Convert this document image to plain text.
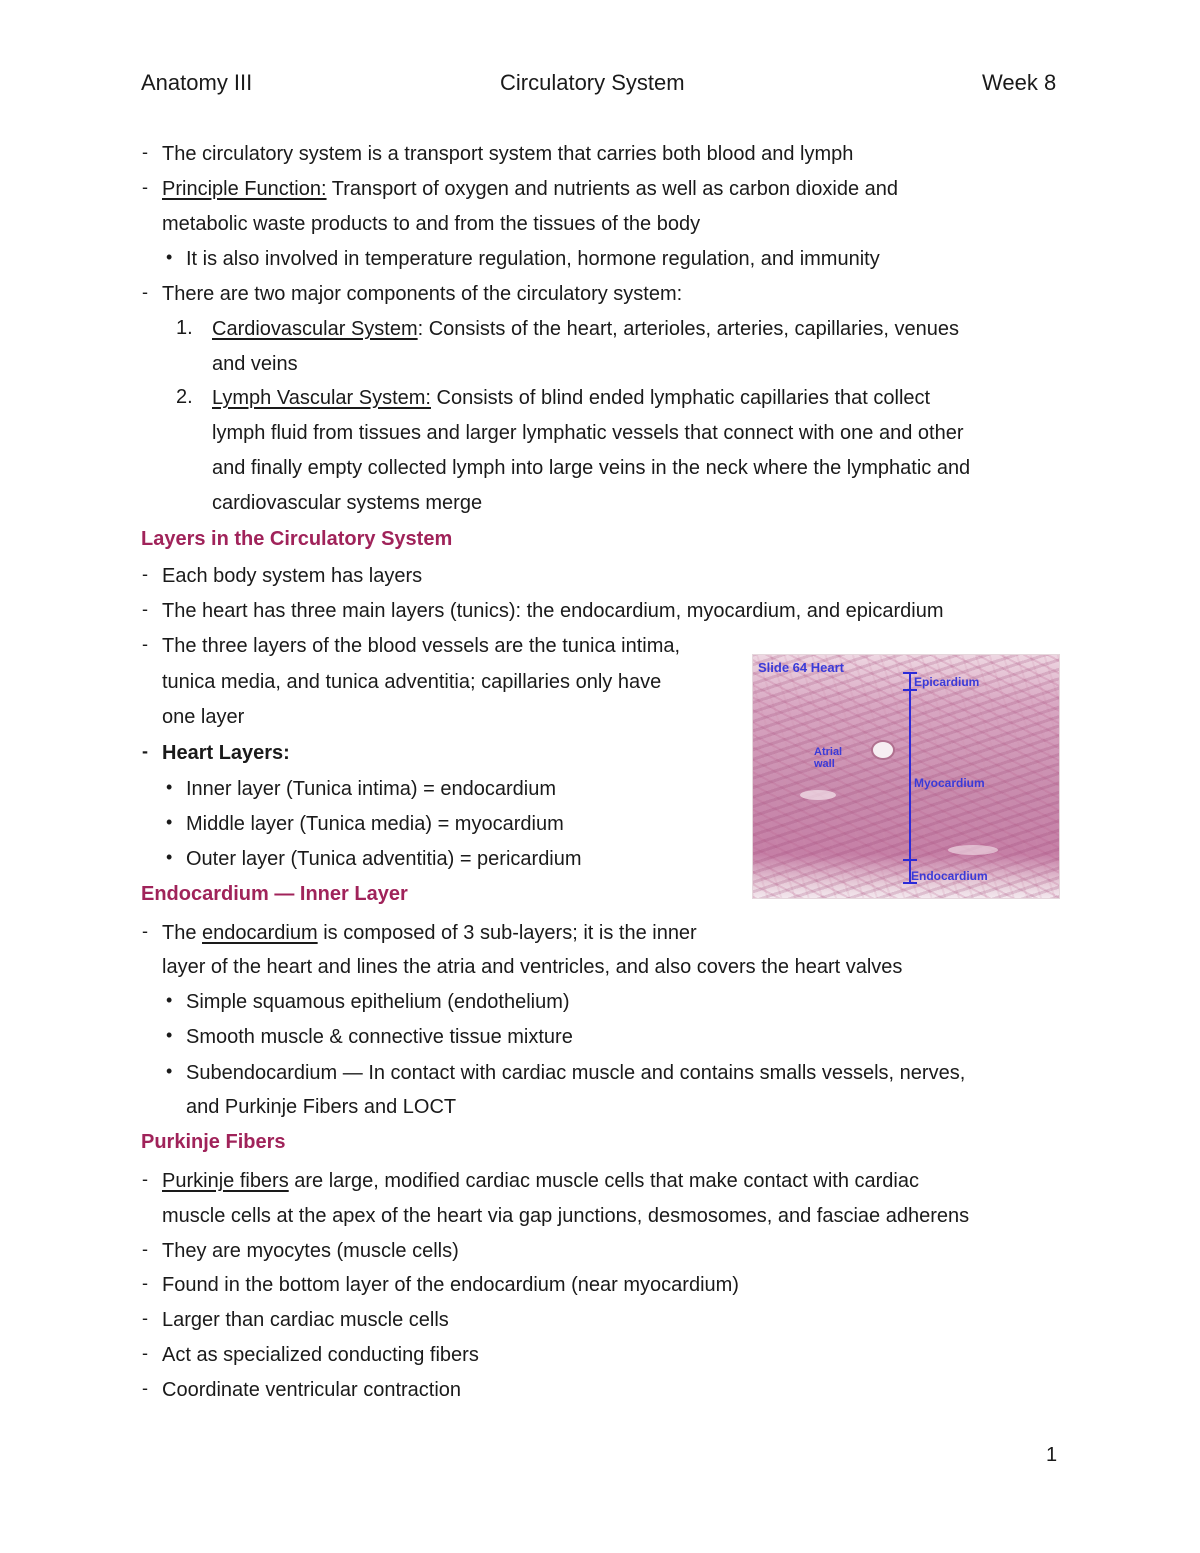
Anatomy III	Circulatory System	Week 8
- The circulatory system is a transport system that carries both blood and lymph
- Principle Function: Transport of oxygen and nutrients as well as carbon dioxide and
metabolic waste products to and from the tissues of the body
• It is also involved in temperature regulation, hormone regulation, and immunity
- There are two major components of the circulatory system:
1. Cardiovascular System: Consists of the heart, arterioles, arteries, capillaries, venues
and veins
2. Lymph Vascular System: Consists of blind ended lymphatic capillaries that collect
lymph fluid from tissues and larger lymphatic vessels that connect with one and other
and finally empty collected lymph into large veins in the neck where the lymphatic and
cardiovascular systems merge
Layers in the Circulatory System
- Each body system has layers
- The heart has three main layers (tunics): the endocardium, myocardium, and epicardium
- The three layers of the blood vessels are the tunica intima,
tunica media, and tunica adventitia; capillaries only have
one layer
- Heart Layers:
• Inner layer (Tunica intima) = endocardium
• Middle layer (Tunica media) = myocardium
• Outer layer (Tunica adventitia) = pericardium
Slide 64 Heart
Epicardium
Atrial
wall
Myocardium
Endocardium
Endocardium — Inner Layer
- The endocardium is composed of 3 sub-layers; it is the inner
layer of the heart and lines the atria and ventricles, and also covers the heart valves
• Simple squamous epithelium (endothelium)
• Smooth muscle & connective tissue mixture
• Subendocardium — In contact with cardiac muscle and contains smalls vessels, nerves,
and Purkinje Fibers and LOCT
Purkinje Fibers
- Purkinje fibers are large, modified cardiac muscle cells that make contact with cardiac
muscle cells at the apex of the heart via gap junctions, desmosomes, and fasciae adherens
- They are myocytes (muscle cells)
- Found in the bottom layer of the endocardium (near myocardium)
- Larger than cardiac muscle cells
- Act as specialized conducting fibers
- Coordinate ventricular contraction
1
